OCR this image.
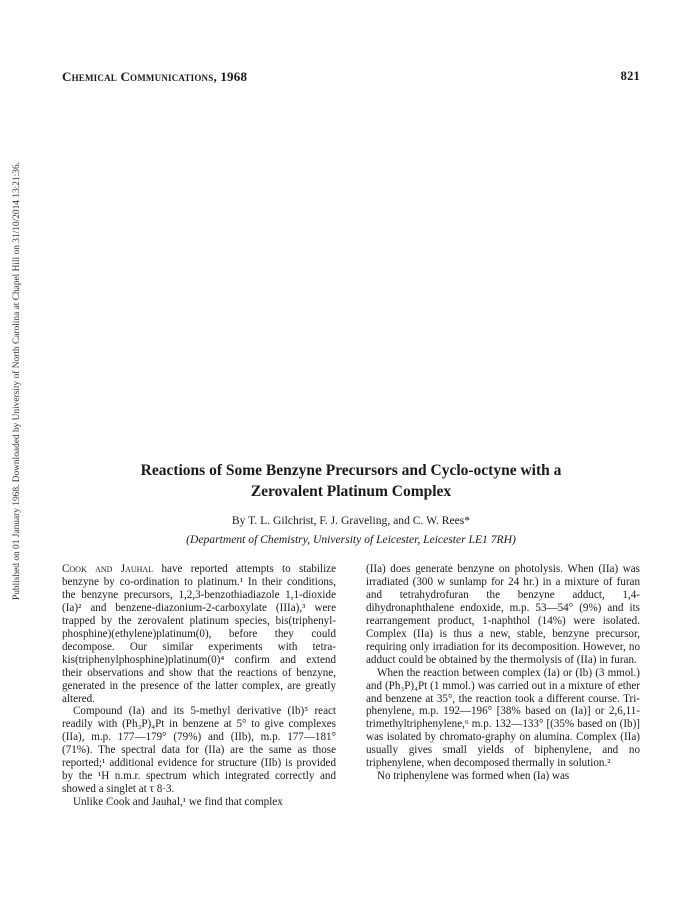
Published on 01 January 1968. Downloaded by University of North Carolina at Chapel Hill on 31/10/2014 13:21:36.
Chemical Communications, 1968	821
Reactions of Some Benzyne Precursors and Cyclo-octyne with a
Zerovalent Platinum Complex
By T. L. Gilchrist, F. J. Graveling, and C. W. Rees*
(Department of Chemistry, University of Leicester, Leicester LE1 7RH)

Cook and Jauhal have reported attempts to stabilize benzyne by co-ordination to platinum.¹ In their conditions, the benzyne precursors, 1,2,3-benzothiadiazole 1,1-dioxide (Ia)² and benzene-diazonium-2-carboxylate (IIIa),³ were trapped by the zerovalent platinum species, bis(triphenyl-phosphine)(ethylene)platinum(0), before they could decompose. Our similar experiments with tetra-kis(triphenylphosphine)platinum(0)⁴ confirm and extend their observations and show that the reactions of benzyne, generated in the presence of the latter complex, are greatly altered.

Compound (Ia) and its 5-methyl derivative (Ib)⁵ react readily with (Ph₃P)₄Pt in benzene at 5° to give complexes (IIa), m.p. 177—179° (79%) and (IIb), m.p. 177—181° (71%). The spectral data for (IIa) are the same as those reported;¹ additional evidence for structure (IIb) is provided by the ¹H n.m.r. spectrum which integrated correctly and showed a singlet at τ 8·3.

Unlike Cook and Jauhal,¹ we find that complex

(IIa) does generate benzyne on photolysis. When (IIa) was irradiated (300 w sunlamp for 24 hr.) in a mixture of furan and tetrahydrofuran the benzyne adduct, 1,4-dihydronaphthalene endoxide, m.p. 53—54° (9%) and its rearrangement product, 1-naphthol (14%) were isolated. Complex (IIa) is thus a new, stable, benzyne precursor, requiring only irradiation for its decomposition. However, no adduct could be obtained by the thermolysis of (IIa) in furan.

When the reaction between complex (Ia) or (Ib) (3 mmol.) and (Ph₃P)₄Pt (1 mmol.) was carried out in a mixture of ether and benzene at 35°, the reaction took a different course. Tri-phenylene, m.p. 192—196° [38% based on (Ia)] or 2,6,11-trimethyltriphenylene,⁶ m.p. 132—133° [(35% based on (Ib)] was isolated by chromato-graphy on alumina. Complex (IIa) usually gives small yields of biphenylene, and no triphenylene, when decomposed thermally in solution.²

No triphenylene was formed when (Ia) was
